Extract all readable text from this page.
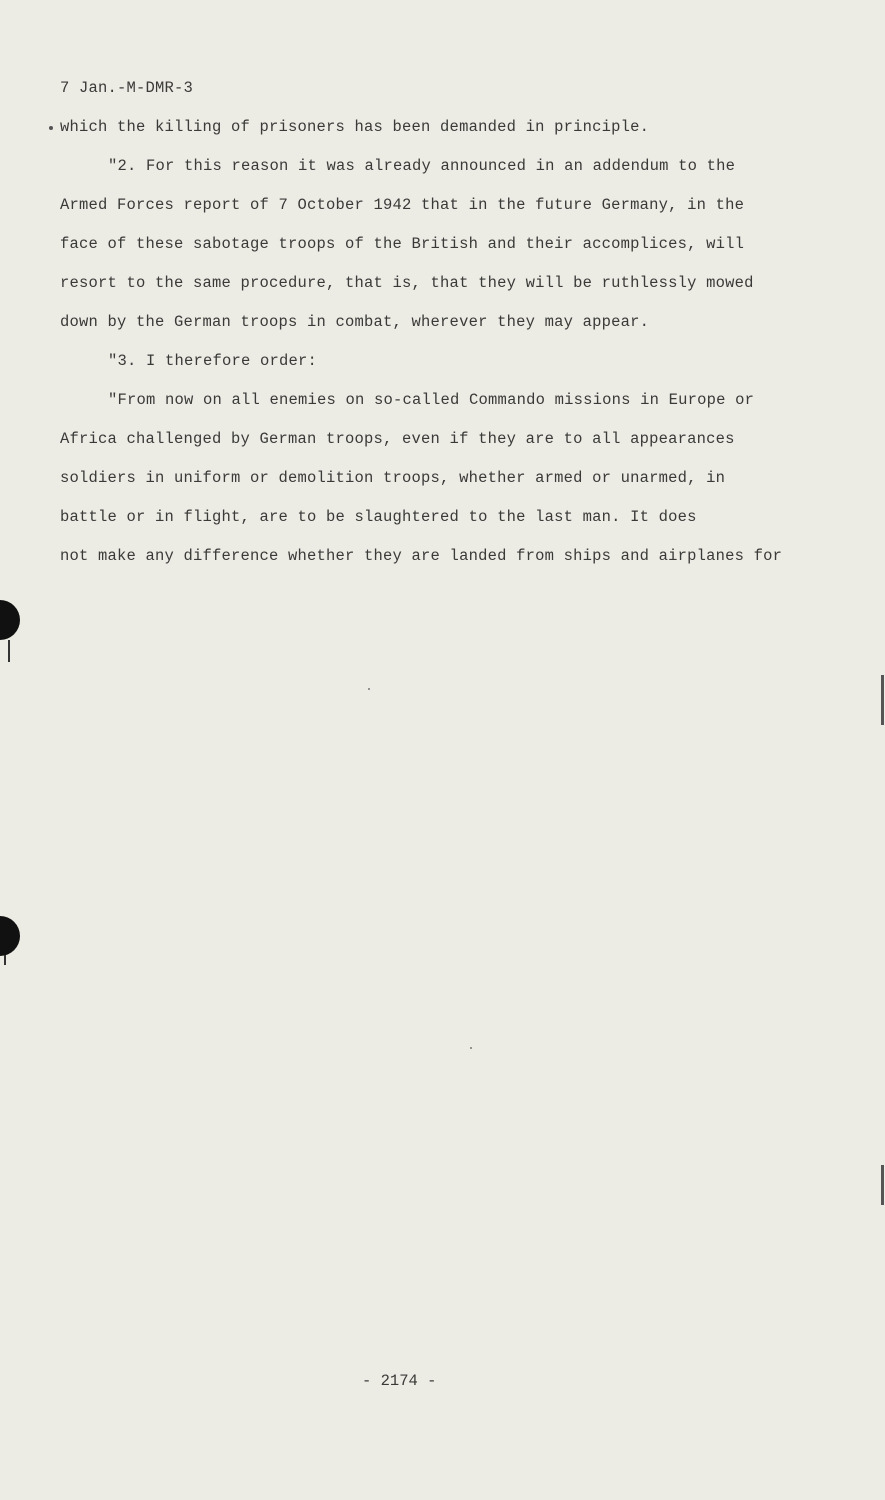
7 Jan.-M-DMR-3
which the killing of prisoners has been demanded in principle.
"2. For this reason it was already announced in an addendum to the
Armed Forces report of 7 October 1942 that in the future Germany, in the
face of these sabotage troops of the British and their accomplices, will
resort to the same procedure, that is, that they will be ruthlessly mowed
down by the German troops in combat, wherever they may appear.
"3. I therefore order:
"From now on all enemies on so-called Commando missions in Europe or
Africa challenged by German troops, even if they are to all appearances
soldiers in uniform or demolition troops, whether armed or unarmed, in
battle or in flight, are to be slaughtered to the last man. It does
not make any difference whether they are landed from ships and airplanes for
- 2174 -
